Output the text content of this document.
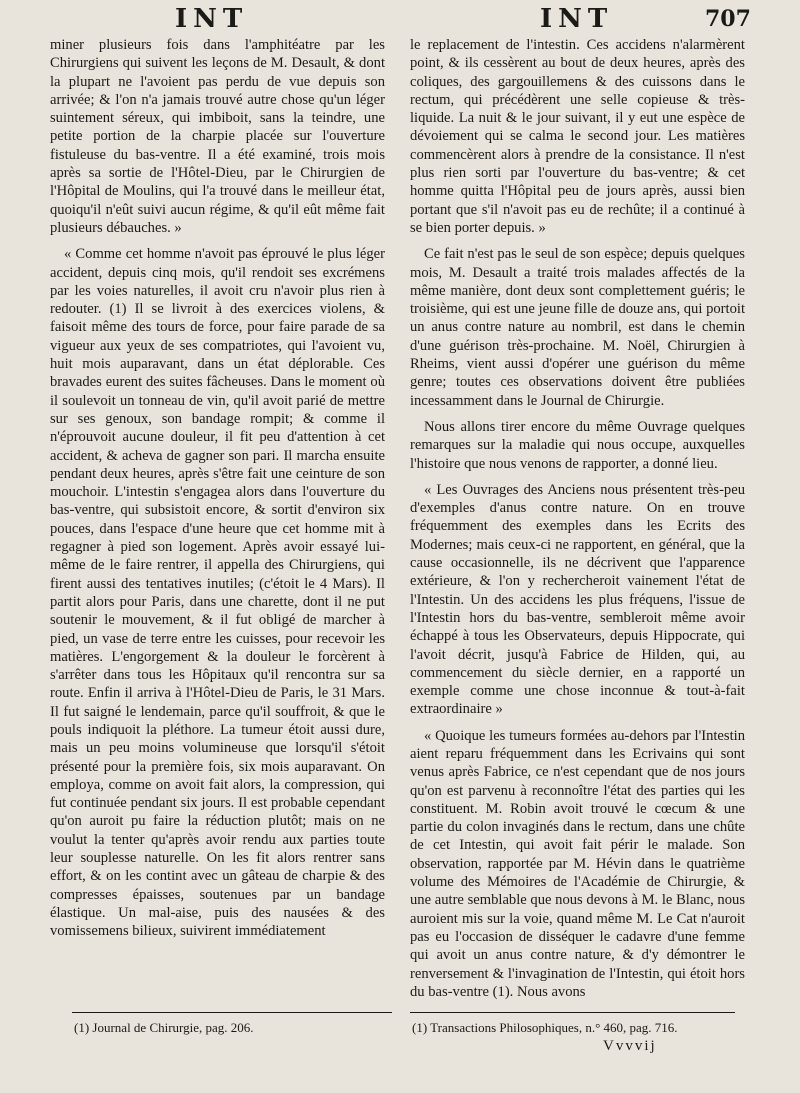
INT	INT	707

miner plusieurs fois dans l'amphitéatre par les Chirurgiens qui suivent les leçons de M. Desault, & dont la plupart ne l'avoient pas perdu de vue depuis son arrivée; & l'on n'a jamais trouvé autre chose qu'un léger suintement séreux, qui imbiboit, sans la teindre, une petite portion de la charpie placée sur l'ouverture fistuleuse du bas-ventre. Il a été examiné, trois mois après sa sortie de l'Hôtel-Dieu, par le Chirurgien de l'Hôpital de Moulins, qui l'a trouvé dans le meilleur état, quoiqu'il n'eût suivi aucun régime, & qu'il eût même fait plusieurs débauches. »

« Comme cet homme n'avoit pas éprouvé le plus léger accident, depuis cinq mois, qu'il rendoit ses excrémens par les voies naturelles, il avoit cru n'avoir plus rien à redouter. (1) Il se livroit à des exercices violens, & faisoit même des tours de force, pour faire parade de sa vigueur aux yeux de ses compatriotes, qui l'avoient vu, huit mois auparavant, dans un état déplorable. Ces bravades eurent des suites fâcheuses. Dans le moment où il soulevoit un tonneau de vin, qu'il avoit parié de mettre sur ses genoux, son bandage rompit; & comme il n'éprouvoit aucune douleur, il fit peu d'attention à cet accident, & acheva de gagner son pari. Il marcha ensuite pendant deux heures, après s'être fait une ceinture de son mouchoir. L'intestin s'engagea alors dans l'ouverture du bas-ventre, qui subsistoit encore, & sortit d'environ six pouces, dans l'espace d'une heure que cet homme mit à regagner à pied son logement. Après avoir essayé lui-même de le faire rentrer, il appella des Chirurgiens, qui firent aussi des tentatives inutiles; (c'étoit le 4 Mars). Il partit alors pour Paris, dans une charette, dont il ne put soutenir le mouvement, & il fut obligé de marcher à pied, un vase de terre entre les cuisses, pour recevoir les matières. L'engorgement & la douleur le forcèrent à s'arrêter dans tous les Hôpitaux qu'il rencontra sur sa route. Enfin il arriva à l'Hôtel-Dieu de Paris, le 31 Mars. Il fut saigné le lendemain, parce qu'il souffroit, & que le pouls indiquoit la pléthore. La tumeur étoit aussi dure, mais un peu moins volumineuse que lorsqu'il s'étoit présenté pour la première fois, six mois auparavant. On employa, comme on avoit fait alors, la compression, qui fut continuée pendant six jours. Il est probable cependant qu'on auroit pu faire la réduction plutôt; mais on ne voulut la tenter qu'après avoir rendu aux parties toute leur souplesse naturelle. On les fit alors rentrer sans effort, & on les contint avec un gâteau de charpie & des compresses épaisses, soutenues par un bandage élastique. Un mal-aise, puis des nausées & des vomissemens bilieux, suivirent immédiatement

le replacement de l'intestin. Ces accidens n'alarmèrent point, & ils cessèrent au bout de deux heures, après des coliques, des gargouillemens & des cuissons dans le rectum, qui précédèrent une selle copieuse & très-liquide. La nuit & le jour suivant, il y eut une espèce de dévoiement qui se calma le second jour. Les matières commencèrent alors à prendre de la consistance. Il n'est plus rien sorti par l'ouverture du bas-ventre; & cet homme quitta l'Hôpital peu de jours après, aussi bien portant que s'il n'avoit pas eu de rechûte; il a continué à se bien porter depuis. »

Ce fait n'est pas le seul de son espèce; depuis quelques mois, M. Desault a traité trois malades affectés de la même manière, dont deux sont complettement guéris; le troisième, qui est une jeune fille de douze ans, qui portoit un anus contre nature au nombril, est dans le chemin d'une guérison très-prochaine. M. Noël, Chirurgien à Rheims, vient aussi d'opérer une guérison du même genre; toutes ces observations doivent être publiées incessamment dans le Journal de Chirurgie.

Nous allons tirer encore du même Ouvrage quelques remarques sur la maladie qui nous occupe, auxquelles l'histoire que nous venons de rapporter, a donné lieu.

« Les Ouvrages des Anciens nous présentent très-peu d'exemples d'anus contre nature. On en trouve fréquemment des exemples dans les Ecrits des Modernes; mais ceux-ci ne rapportent, en général, que la cause occasionnelle, ils ne décrivent que l'apparence extérieure, & l'on y rechercheroit vainement l'état de l'Intestin. Un des accidens les plus fréquens, l'issue de l'Intestin hors du bas-ventre, sembleroit même avoir échappé à tous les Observateurs, depuis Hippocrate, qui l'avoit décrit, jusqu'à Fabrice de Hilden, qui, au commencement du siècle dernier, en a rapporté un exemple comme une chose inconnue & tout-à-fait extraordinaire »

« Quoique les tumeurs formées au-dehors par l'Intestin aient reparu fréquemment dans les Ecrivains qui sont venus après Fabrice, ce n'est cependant que de nos jours qu'on est parvenu à reconnoître l'état des parties qui les constituent. M. Robin avoit trouvé le cœcum & une partie du colon invaginés dans le rectum, dans une chûte de cet Intestin, qui avoit fait périr le malade. Son observation, rapportée par M. Hévin dans le quatrième volume des Mémoires de l'Académie de Chirurgie, & une autre semblable que nous devons à M. le Blanc, nous auroient mis sur la voie, quand même M. Le Cat n'auroit pas eu l'occasion de disséquer le cadavre d'une femme qui avoit un anus contre nature, & d'y démontrer le renversement & l'invagination de l'Intestin, qui étoit hors du bas-ventre (1). Nous avons

(1) Journal de Chirurgie, pag. 206.	(1) Transactions Philosophiques, n.° 460, pag. 716.
Vvvvij
